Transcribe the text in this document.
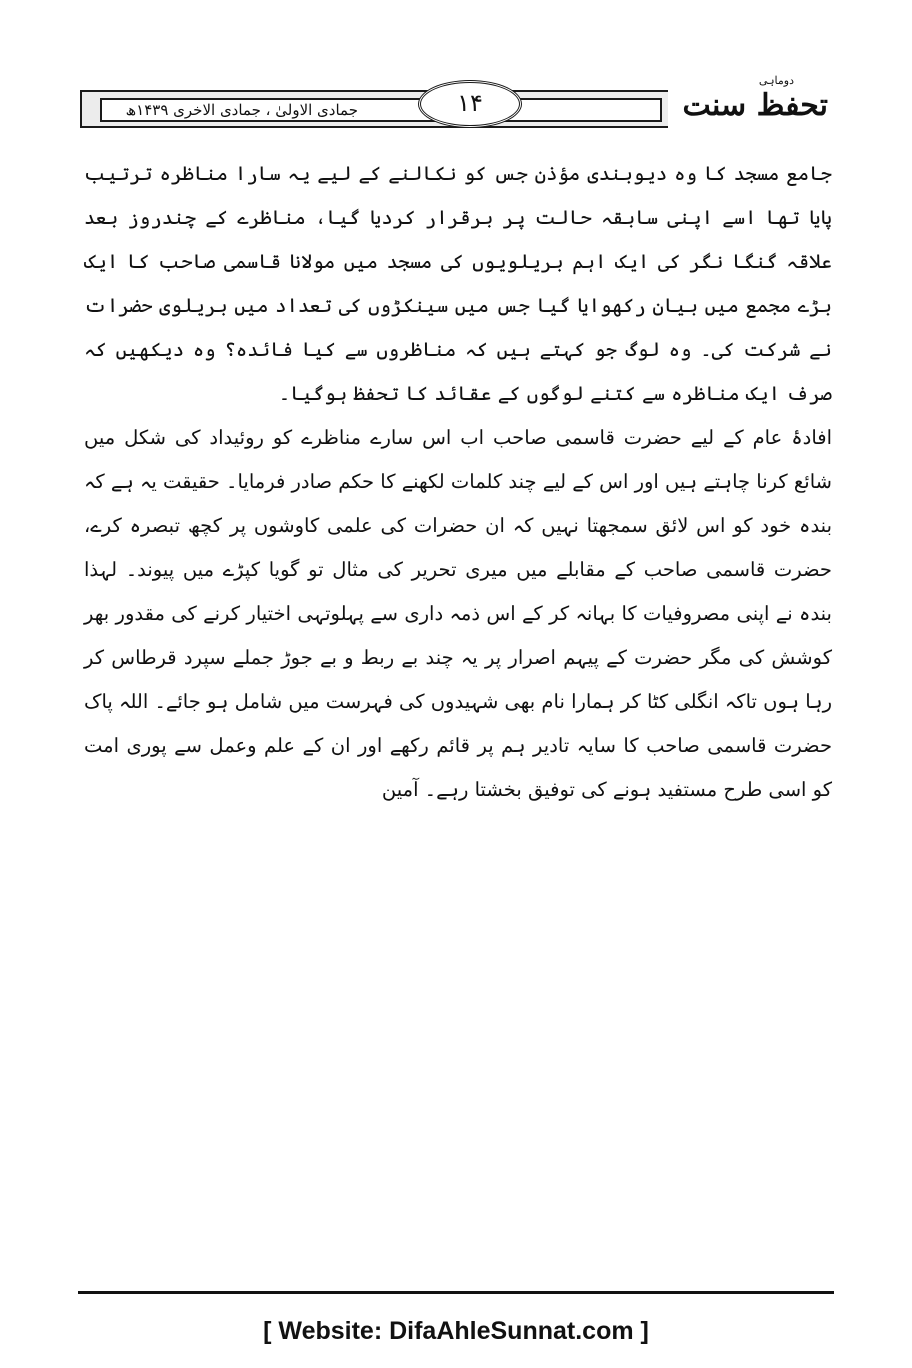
جمادی الاولیٰ ، جمادی الاخری ۱۴۳۹ھ	۱۴
دوماہی
تحفظ سنت

جامع مسجد کا وہ دیوبندی مؤذن جس کو نکالنے کے لیے یہ سارا مناظرہ ترتیب پایا تھا اسے اپنی سابقہ حالت پر برقرار کردیا گیا، مناظرے کے چندروز بعد علاقہ گنگا نگر کی ایک اہم بریلویوں کی مسجد میں مولانا قاسمی صاحب کا ایک بڑے مجمع میں بیان رکھوایا گیا جس میں سینکڑوں کی تعداد میں بریلوی حضرات نے شرکت کی۔ وہ لوگ جو کہتے ہیں کہ مناظروں سے کیا فائدہ؟ وہ دیکھیں کہ صرف ایک مناظرہ سے کتنے لوگوں کے عقائد کا تحفظ ہوگیا۔

افادۂ عام کے لیے حضرت قاسمی صاحب اب اس سارے مناظرے کو روئیداد کی شکل میں شائع کرنا چاہتے ہیں اور اس کے لیے چند کلمات لکھنے کا حکم صادر فرمایا۔ حقیقت یہ ہے کہ بندہ خود کو اس لائق سمجھتا نہیں کہ ان حضرات کی علمی کاوشوں پر کچھ تبصرہ کرے، حضرت قاسمی صاحب کے مقابلے میں میری تحریر کی مثال تو گویا کپڑے میں پیوند۔ لہذا بندہ نے اپنی مصروفیات کا بہانہ کر کے اس ذمہ داری سے پہلوتہی اختیار کرنے کی مقدور بھر کوشش کی مگر حضرت کے پیہم اصرار پر یہ چند بے ربط و بے جوڑ جملے سپرد قرطاس کر رہا ہوں تاکہ انگلی کٹا کر ہمارا نام بھی شہیدوں کی فہرست میں شامل ہو جائے۔ اللہ پاک حضرت قاسمی صاحب کا سایہ تادیر ہم پر قائم رکھے اور ان کے علم وعمل سے پوری امت کو اسی طرح مستفید ہونے کی توفیق بخشتا رہے۔ آمین

[ Website: DifaAhleSunnat.com ]
